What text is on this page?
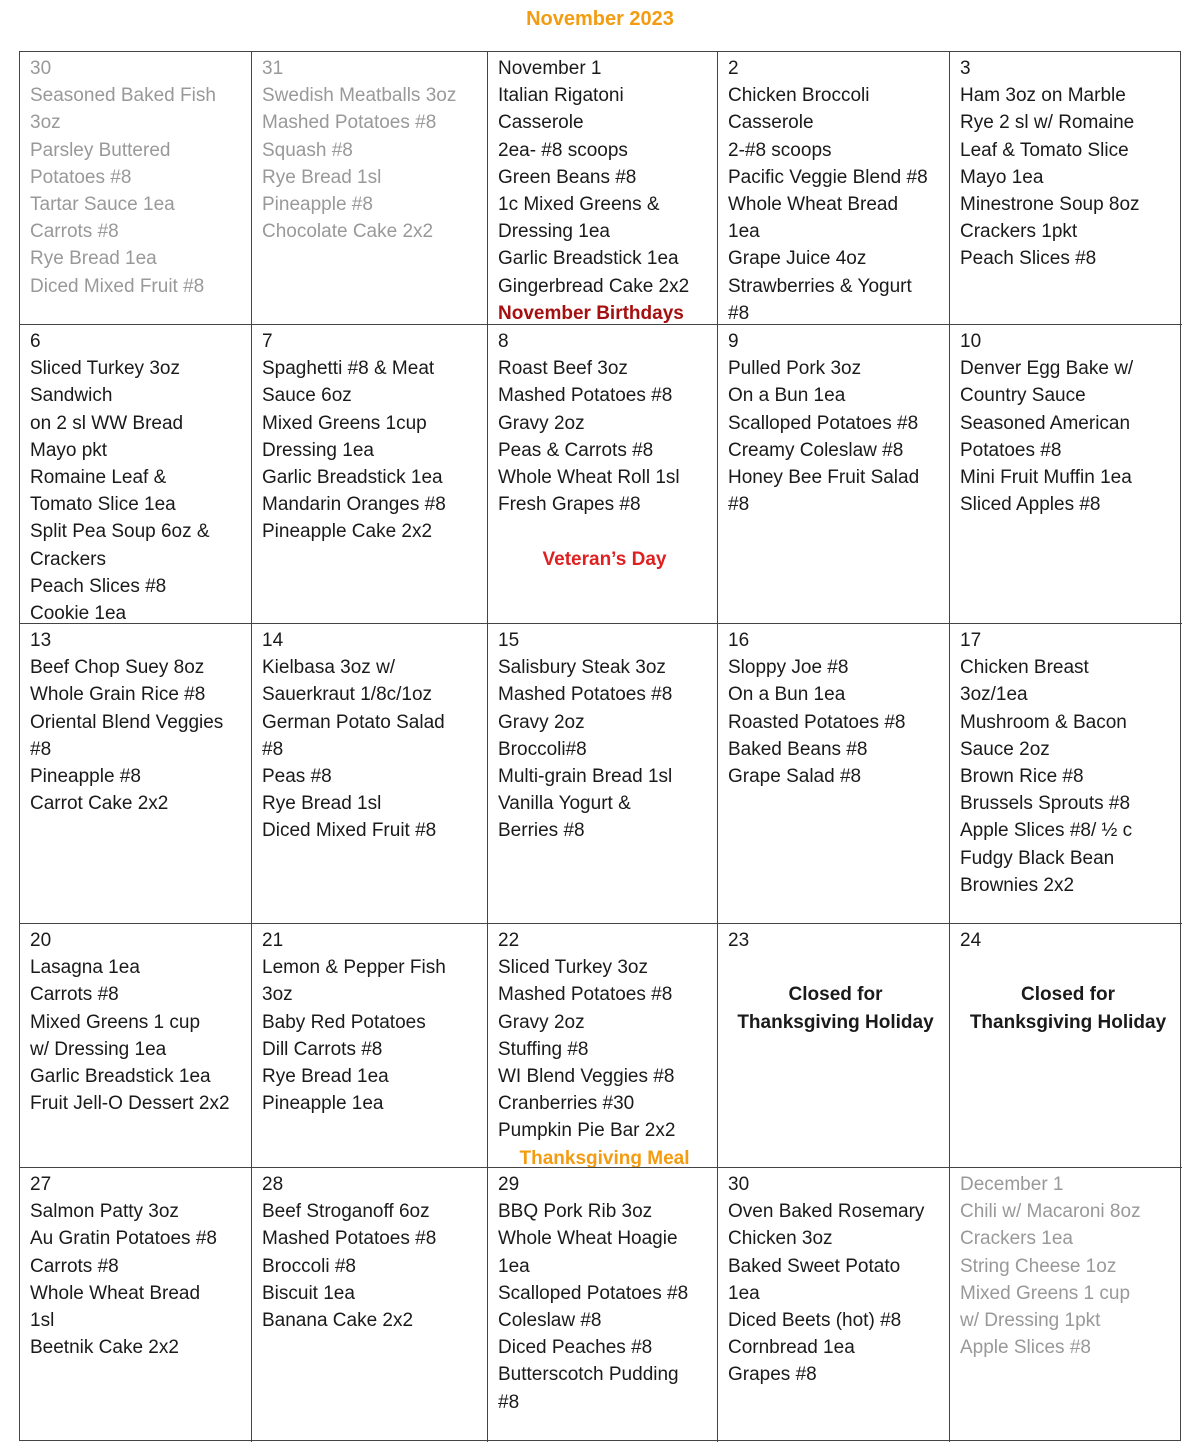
November 2023
30
Seasoned Baked Fish
3oz
Parsley Buttered
Potatoes #8
Tartar Sauce 1ea
Carrots #8
Rye Bread 1ea
Diced Mixed Fruit #8
31
Swedish Meatballs 3oz
Mashed Potatoes #8
Squash #8
Rye Bread 1sl
Pineapple #8
Chocolate Cake 2x2
November 1
Italian Rigatoni
Casserole
2ea- #8 scoops
Green Beans #8
1c Mixed Greens &
Dressing 1ea
Garlic Breadstick 1ea
Gingerbread Cake 2x2
November Birthdays
2
Chicken Broccoli
Casserole
2-#8 scoops
Pacific Veggie Blend #8
Whole Wheat Bread
1ea
Grape Juice 4oz
Strawberries & Yogurt
#8
3
Ham 3oz on Marble
Rye 2 sl w/ Romaine
Leaf & Tomato Slice
Mayo 1ea
Minestrone Soup 8oz
Crackers 1pkt
Peach Slices #8
6
Sliced Turkey 3oz
Sandwich
on 2 sl WW Bread
Mayo pkt
Romaine Leaf &
Tomato Slice 1ea
Split Pea Soup 6oz &
Crackers
Peach Slices #8
Cookie 1ea
7
Spaghetti #8 & Meat
Sauce 6oz
Mixed Greens 1cup
Dressing 1ea
Garlic Breadstick 1ea
Mandarin Oranges #8
Pineapple Cake 2x2
8
Roast Beef 3oz
Mashed Potatoes #8
Gravy 2oz
Peas & Carrots #8
Whole Wheat Roll 1sl
Fresh Grapes #8
Veteran’s Day
9
Pulled Pork 3oz
On a Bun 1ea
Scalloped Potatoes #8
Creamy Coleslaw #8
Honey Bee Fruit Salad
#8
10
Denver Egg Bake w/
Country Sauce
Seasoned American
Potatoes #8
Mini Fruit Muffin 1ea
Sliced Apples #8
13
Beef Chop Suey 8oz
Whole Grain Rice #8
Oriental Blend Veggies
#8
Pineapple #8
Carrot Cake 2x2
14
Kielbasa 3oz w/
Sauerkraut 1/8c/1oz
German Potato Salad
#8
Peas #8
Rye Bread 1sl
Diced Mixed Fruit #8
15
Salisbury Steak 3oz
Mashed Potatoes #8
Gravy 2oz
Broccoli#8
Multi-grain Bread 1sl
Vanilla Yogurt &
Berries #8
16
Sloppy Joe #8
On a Bun 1ea
Roasted Potatoes #8
Baked Beans #8
Grape Salad #8
17
Chicken Breast
3oz/1ea
Mushroom & Bacon
Sauce 2oz
Brown Rice #8
Brussels Sprouts #8
Apple Slices #8/ ½ c
Fudgy Black Bean
Brownies 2x2
20
Lasagna 1ea
Carrots #8
Mixed Greens 1 cup
w/ Dressing 1ea
Garlic Breadstick 1ea
Fruit Jell-O Dessert 2x2
21
Lemon & Pepper Fish
3oz
Baby Red Potatoes
Dill Carrots #8
Rye Bread 1ea
Pineapple 1ea
22
Sliced Turkey 3oz
Mashed Potatoes #8
Gravy 2oz
Stuffing #8
WI Blend Veggies #8
Cranberries #30
Pumpkin Pie Bar 2x2
Thanksgiving Meal
23
Closed for
Thanksgiving Holiday
24
Closed for
Thanksgiving Holiday
27
Salmon Patty 3oz
Au Gratin Potatoes #8
Carrots #8
Whole Wheat Bread
1sl
Beetnik Cake 2x2
28
Beef Stroganoff 6oz
Mashed Potatoes #8
Broccoli #8
Biscuit 1ea
Banana Cake 2x2
29
BBQ Pork Rib 3oz
Whole Wheat Hoagie
1ea
Scalloped Potatoes #8
Coleslaw #8
Diced Peaches #8
Butterscotch Pudding
#8
30
Oven Baked Rosemary
Chicken 3oz
Baked Sweet Potato
1ea
Diced Beets (hot) #8
Cornbread 1ea
Grapes #8
December 1
Chili w/ Macaroni 8oz
Crackers 1ea
String Cheese 1oz
Mixed Greens 1 cup
w/ Dressing 1pkt
Apple Slices #8
